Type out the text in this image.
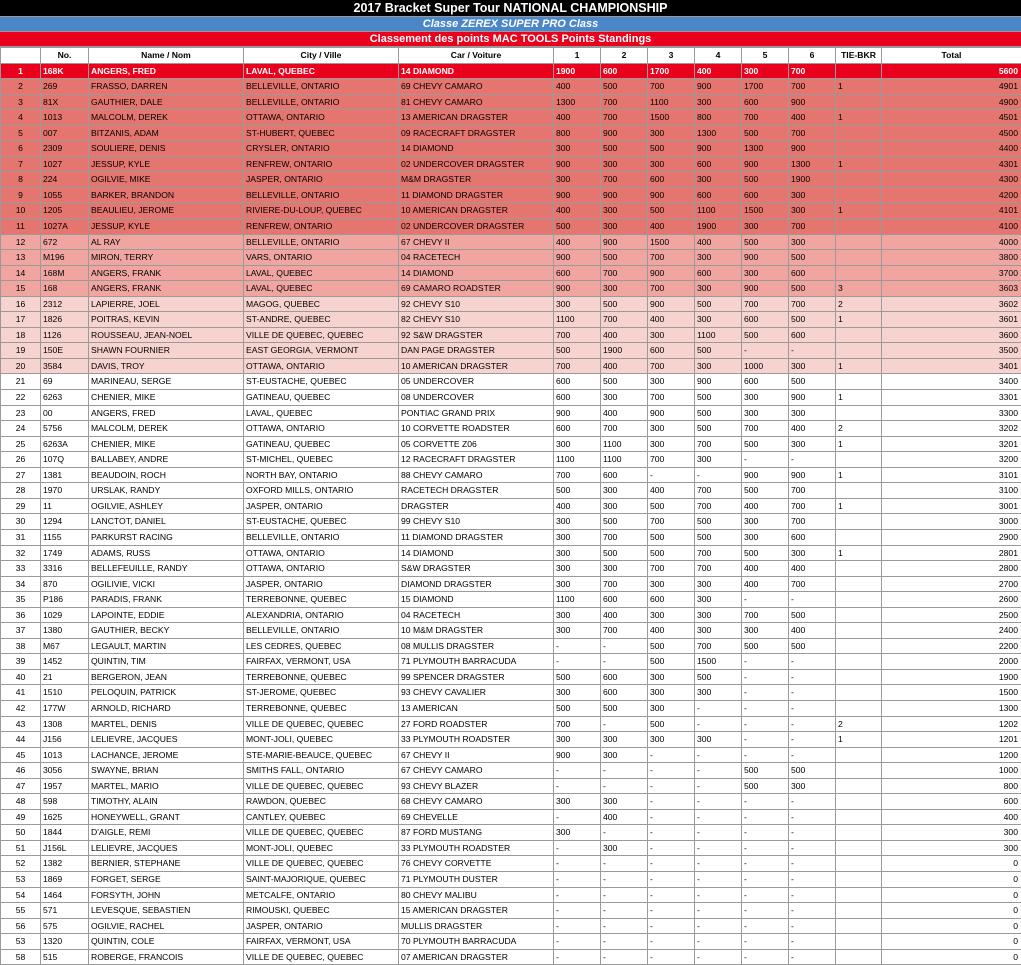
2017 Bracket Super Tour NATIONAL CHAMPIONSHIP
Classe ZEREX SUPER PRO Class
Classement des points MAC TOOLS Points Standings
	No.	Name / Nom	City / Ville	Car / Voiture	1	2	3	4	5	6	TIE-BKR	Total
1	168K	ANGERS, FRED	LAVAL, QUEBEC	14 DIAMOND	1900	600	1700	400	300	700		5600
2	269	FRASSO, DARREN	BELLEVILLE, ONTARIO	69 CHEVY CAMARO	400	500	700	900	1700	700	1	4901
3	81X	GAUTHIER, DALE	BELLEVILLE, ONTARIO	81 CHEVY CAMARO	1300	700	1100	300	600	900		4900
4	1013	MALCOLM, DEREK	OTTAWA, ONTARIO	13 AMERICAN DRAGSTER	400	700	1500	800	700	400	1	4501
5	007	BITZANIS, ADAM	ST-HUBERT, QUEBEC	09 RACECRAFT DRAGSTER	800	900	300	1300	500	700		4500
6	2309	SOULIERE, DENIS	CRYSLER, ONTARIO	14 DIAMOND	300	500	500	900	1300	900		4400
7	1027	JESSUP, KYLE	RENFREW, ONTARIO	02 UNDERCOVER DRAGSTER	900	300	300	600	900	1300	1	4301
8	224	OGILVIE, MIKE	JASPER, ONTARIO	M&M DRAGSTER	300	700	600	300	500	1900		4300
9	1055	BARKER, BRANDON	BELLEVILLE, ONTARIO	11 DIAMOND DRAGSTER	900	900	900	600	600	300		4200
10	1205	BEAULIEU, JEROME	RIVIERE-DU-LOUP, QUEBEC	10 AMERICAN DRAGSTER	400	300	500	1100	1500	300	1	4101
11	1027A	JESSUP, KYLE	RENFREW, ONTARIO	02 UNDERCOVER DRAGSTER	500	300	400	1900	300	700		4100
12	672	AL RAY	BELLEVILLE, ONTARIO	67 CHEVY II	400	900	1500	400	500	300		4000
13	M196	MIRON, TERRY	VARS, ONTARIO	04 RACETECH	900	500	700	300	900	500		3800
14	168M	ANGERS, FRANK	LAVAL, QUEBEC	14 DIAMOND	600	700	900	600	300	600		3700
15	168	ANGERS, FRANK	LAVAL, QUEBEC	69 CAMARO ROADSTER	900	300	700	300	900	500	3	3603
16	2312	LAPIERRE, JOEL	MAGOG, QUEBEC	92 CHEVY S10	300	500	900	500	700	700	2	3602
17	1826	POITRAS, KEVIN	ST-ANDRE, QUEBEC	82 CHEVY S10	1100	700	400	300	600	500	1	3601
18	1126	ROUSSEAU, JEAN-NOEL	VILLE DE QUEBEC, QUEBEC	92 S&W DRAGSTER	700	400	300	1100	500	600		3600
19	150E	SHAWN FOURNIER	EAST GEORGIA, VERMONT	DAN PAGE DRAGSTER	500	1900	600	500	-	-		3500
20	3584	DAVIS, TROY	OTTAWA, ONTARIO	10 AMERICAN DRAGSTER	700	400	700	300	1000	300	1	3401
21	69	MARINEAU, SERGE	ST-EUSTACHE, QUEBEC	05 UNDERCOVER	600	500	300	900	600	500		3400
22	6263	CHENIER, MIKE	GATINEAU, QUEBEC	08 UNDERCOVER	600	300	700	500	300	900	1	3301
23	00	ANGERS, FRED	LAVAL, QUEBEC	PONTIAC GRAND PRIX	900	400	900	500	300	300		3300
24	5756	MALCOLM, DEREK	OTTAWA, ONTARIO	10 CORVETTE ROADSTER	600	700	300	500	700	400	2	3202
25	6263A	CHENIER, MIKE	GATINEAU, QUEBEC	05 CORVETTE Z06	300	1100	300	700	500	300	1	3201
26	107Q	BALLABEY, ANDRE	ST-MICHEL, QUEBEC	12 RACECRAFT DRAGSTER	1100	1100	700	300	-	-		3200
27	1381	BEAUDOIN, ROCH	NORTH BAY, ONTARIO	88 CHEVY CAMARO	700	600	-	-	900	900	1	3101
28	1970	URSLAK, RANDY	OXFORD MILLS, ONTARIO	RACETECH DRAGSTER	500	300	400	700	500	700		3100
29	11	OGILVIE, ASHLEY	JASPER, ONTARIO	DRAGSTER	400	300	500	700	400	700	1	3001
30	1294	LANCTOT, DANIEL	ST-EUSTACHE, QUEBEC	99 CHEVY S10	300	500	700	500	300	700		3000
31	1155	PARKURST RACING	BELLEVILLE, ONTARIO	11 DIAMOND DRAGSTER	300	700	500	500	300	600		2900
32	1749	ADAMS, RUSS	OTTAWA, ONTARIO	14 DIAMOND	300	500	500	700	500	300	1	2801
33	3316	BELLEFEUILLE, RANDY	OTTAWA, ONTARIO	S&W DRAGSTER	300	300	700	700	400	400		2800
34	870	OGILIVIE, VICKI	JASPER, ONTARIO	DIAMOND DRAGSTER	300	700	300	300	400	700		2700
35	P186	PARADIS, FRANK	TERREBONNE, QUEBEC	15 DIAMOND	1100	600	600	300	-	-		2600
36	1029	LAPOINTE, EDDIE	ALEXANDRIA, ONTARIO	04 RACETECH	300	400	300	300	700	500		2500
37	1380	GAUTHIER, BECKY	BELLEVILLE, ONTARIO	10 M&M DRAGSTER	300	700	400	300	300	400		2400
38	M67	LEGAULT, MARTIN	LES CEDRES, QUEBEC	08 MULLIS DRAGSTER	-	-	500	700	500	500		2200
39	1452	QUINTIN, TIM	FAIRFAX, VERMONT, USA	71 PLYMOUTH BARRACUDA	-	-	500	1500	-	-		2000
40	21	BERGERON, JEAN	TERREBONNE, QUEBEC	99 SPENCER DRAGSTER	500	600	300	500	-	-		1900
41	1510	PELOQUIN, PATRICK	ST-JEROME, QUEBEC	93 CHEVY CAVALIER	300	600	300	300	-	-		1500
42	177W	ARNOLD, RICHARD	TERREBONNE, QUEBEC	13 AMERICAN	500	500	300	-	-	-		1300
43	1308	MARTEL, DENIS	VILLE DE QUEBEC, QUEBEC	27 FORD ROADSTER	700	-	500	-	-	-	2	1202
44	J156	LELIEVRE, JACQUES	MONT-JOLI, QUEBEC	33 PLYMOUTH ROADSTER	300	300	300	300	-	-	1	1201
45	1013	LACHANCE, JEROME	STE-MARIE-BEAUCE, QUEBEC	67 CHEVY II	900	300	-	-	-	-		1200
46	3056	SWAYNE, BRIAN	SMITHS FALL, ONTARIO	67 CHEVY CAMARO	-	-	-	-	500	500		1000
47	1957	MARTEL, MARIO	VILLE DE QUEBEC, QUEBEC	93 CHEVY BLAZER	-	-	-	-	500	300		800
48	598	TIMOTHY, ALAIN	RAWDON, QUEBEC	68 CHEVY CAMARO	300	300	-	-	-	-		600
49	1625	HONEYWELL, GRANT	CANTLEY, QUEBEC	69 CHEVELLE	-	400	-	-	-	-		400
50	1844	D'AIGLE, REMI	VILLE DE QUEBEC, QUEBEC	87 FORD MUSTANG	300	-	-	-	-	-		300
51	J156L	LELIEVRE, JACQUES	MONT-JOLI, QUEBEC	33 PLYMOUTH ROADSTER	-	300	-	-	-	-		300
52	1382	BERNIER, STEPHANE	VILLE DE QUEBEC, QUEBEC	76 CHEVY CORVETTE	-	-	-	-	-	-		0
53	1869	FORGET, SERGE	SAINT-MAJORIQUE, QUEBEC	71 PLYMOUTH DUSTER	-	-	-	-	-	-		0
54	1464	FORSYTH, JOHN	METCALFE, ONTARIO	80 CHEVY MALIBU	-	-	-	-	-	-		0
55	571	LEVESQUE, SEBASTIEN	RIMOUSKI, QUEBEC	15 AMERICAN DRAGSTER	-	-	-	-	-	-		0
56	575	OGILVIE, RACHEL	JASPER, ONTARIO	MULLIS DRAGSTER	-	-	-	-	-	-		0
53	1320	QUINTIN, COLE	FAIRFAX, VERMONT, USA	70 PLYMOUTH BARRACUDA	-	-	-	-	-	-		0
58	515	ROBERGE, FRANCOIS	VILLE DE QUEBEC, QUEBEC	07 AMERICAN DRAGSTER	-	-	-	-	-	-		0
